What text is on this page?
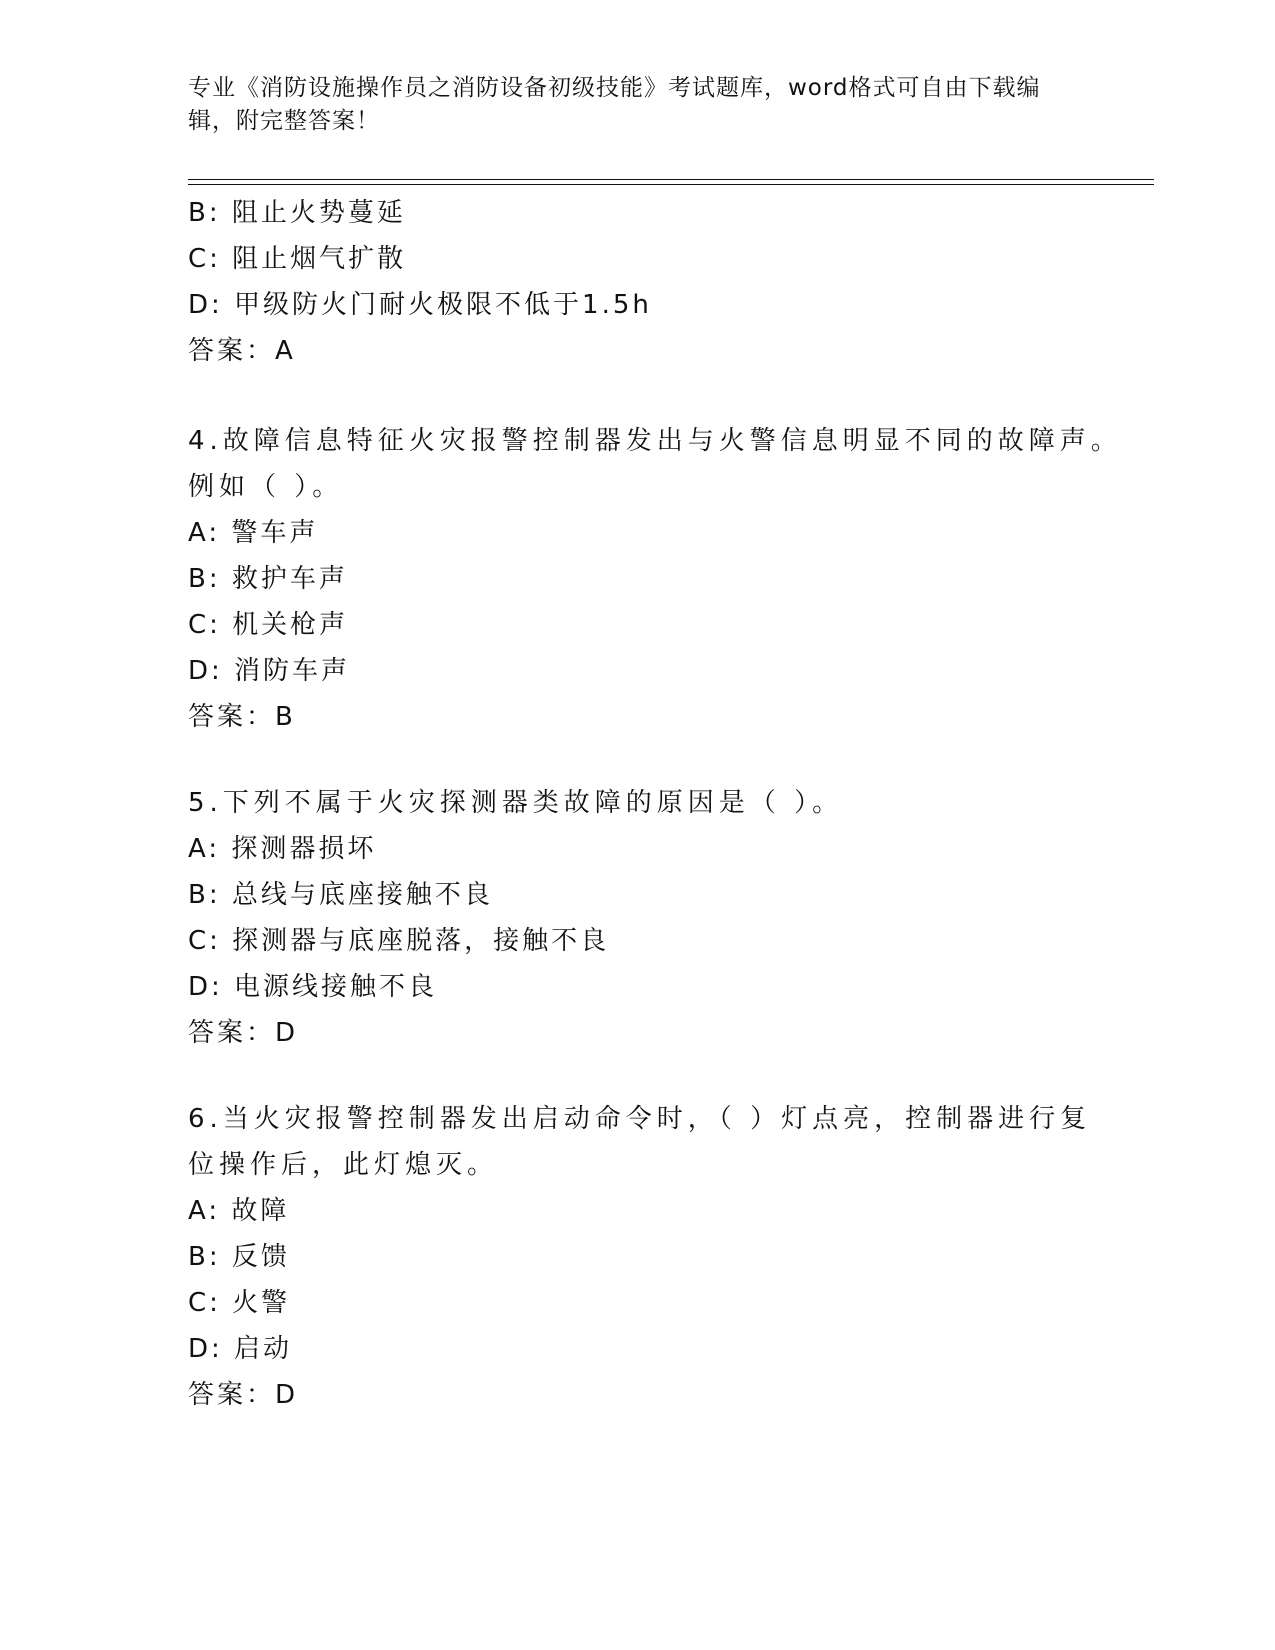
专业《消防设施操作员之消防设备初级技能》考试题库，word格式可自由下载编
辑，附完整答案！
B: 阻止火势蔓延
C: 阻止烟气扩散
D: 甲级防火门耐火极限不低于1.5h
答案：A
4.故障信息特征火灾报警控制器发出与火警信息明显不同的故障声。
例如（ ）。
A: 警车声
B: 救护车声
C: 机关枪声
D: 消防车声
答案：B
5.下列不属于火灾探测器类故障的原因是（ ）。
A: 探测器损坏
B: 总线与底座接触不良
C: 探测器与底座脱落，接触不良
D: 电源线接触不良
答案：D
6.当火灾报警控制器发出启动命令时，（ ）灯点亮，控制器进行复
位操作后，此灯熄灭。
A: 故障
B: 反馈
C: 火警
D: 启动
答案：D
